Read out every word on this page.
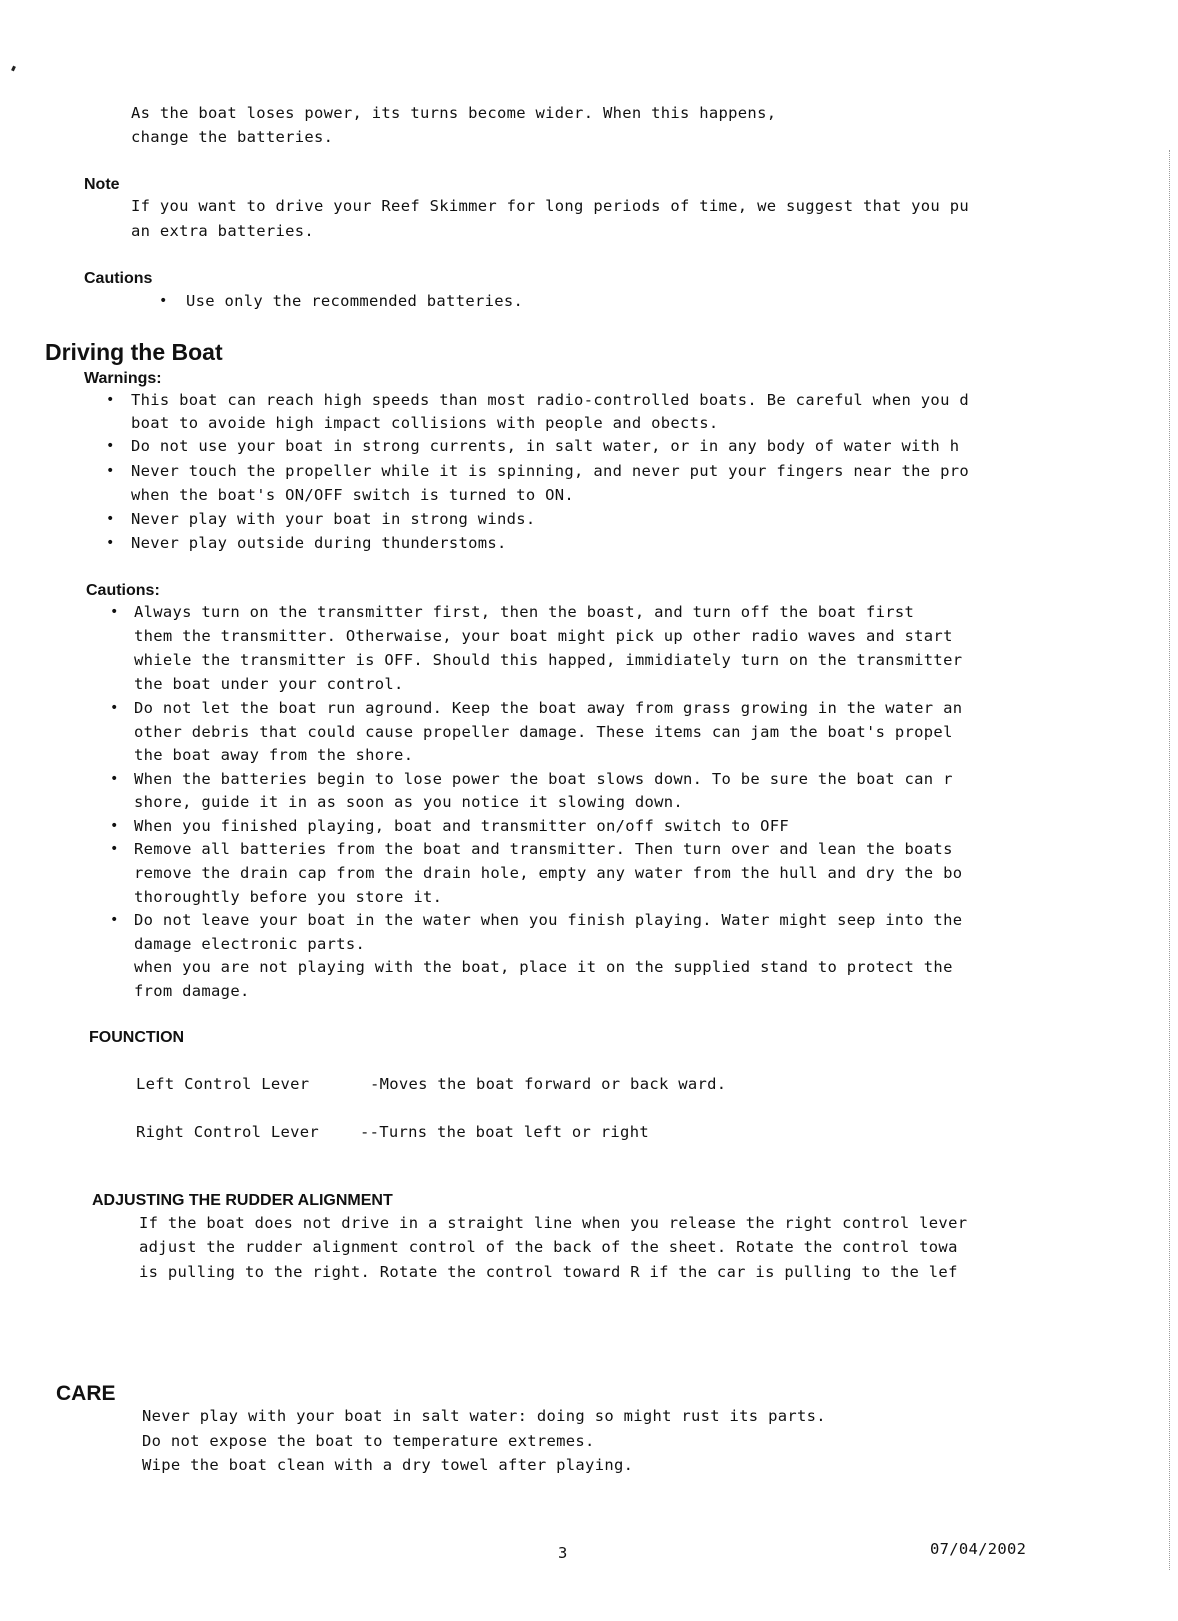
As the boat loses power, its turns become wider. When this happens,
change the batteries.
Note
If you want to drive your Reef Skimmer for long periods of time, we suggest that you pu
an extra batteries.
Cautions
• Use only the recommended batteries.
Driving the Boat
Warnings:
• This boat can reach high speeds than most radio-controlled boats. Be careful when you d
boat to avoide high impact collisions with people and obects.
• Do not use your boat in strong currents, in salt water, or in any body of water with h
• Never touch the propeller while it is spinning, and never put your fingers near the pro
when the boat's ON/OFF switch is turned to ON.
• Never play with your boat in strong winds.
• Never play outside during thunderstoms.
Cautions:
• Always turn on the transmitter first, then the boast, and turn off the boat first
them the transmitter. Otherwaise, your boat might pick up other radio waves and start
whiele the transmitter is OFF. Should this happed, immidiately turn on the transmitter
the boat under your control.
• Do not let the boat run aground. Keep the boat away from grass growing in the water an
other debris that could cause propeller damage. These items can jam the boat's propel
the boat away from the shore.
• When the batteries begin to lose power the boat slows down. To be sure the boat can r
shore, guide it in as soon as you notice it slowing down.
• When you finished playing, boat and transmitter on/off switch to OFF
• Remove all batteries from the boat and transmitter. Then turn over and lean the boats
remove the drain cap from the drain hole, empty any water from the hull and dry the bo
thoroughtly before you store it.
• Do not leave your boat in the water when you finish playing. Water might seep into the
damage electronic parts.
when you are not playing with the boat, place it on the supplied stand to protect the
from damage.
FOUNCTION
Left Control Lever	-Moves the boat forward or back ward.
Right Control Lever	--Turns the boat left or right
ADJUSTING THE RUDDER ALIGNMENT
If the boat does not drive in a straight line when you release the right control lever
adjust the rudder alignment control of the back of the sheet. Rotate the control towa
is pulling to the right. Rotate the control toward R if the car is pulling to the lef
CARE
Never play with your boat in salt water: doing so might rust its parts.
Do not expose the boat to temperature extremes.
Wipe the boat clean with a dry towel after playing.
3	07/04/2002
